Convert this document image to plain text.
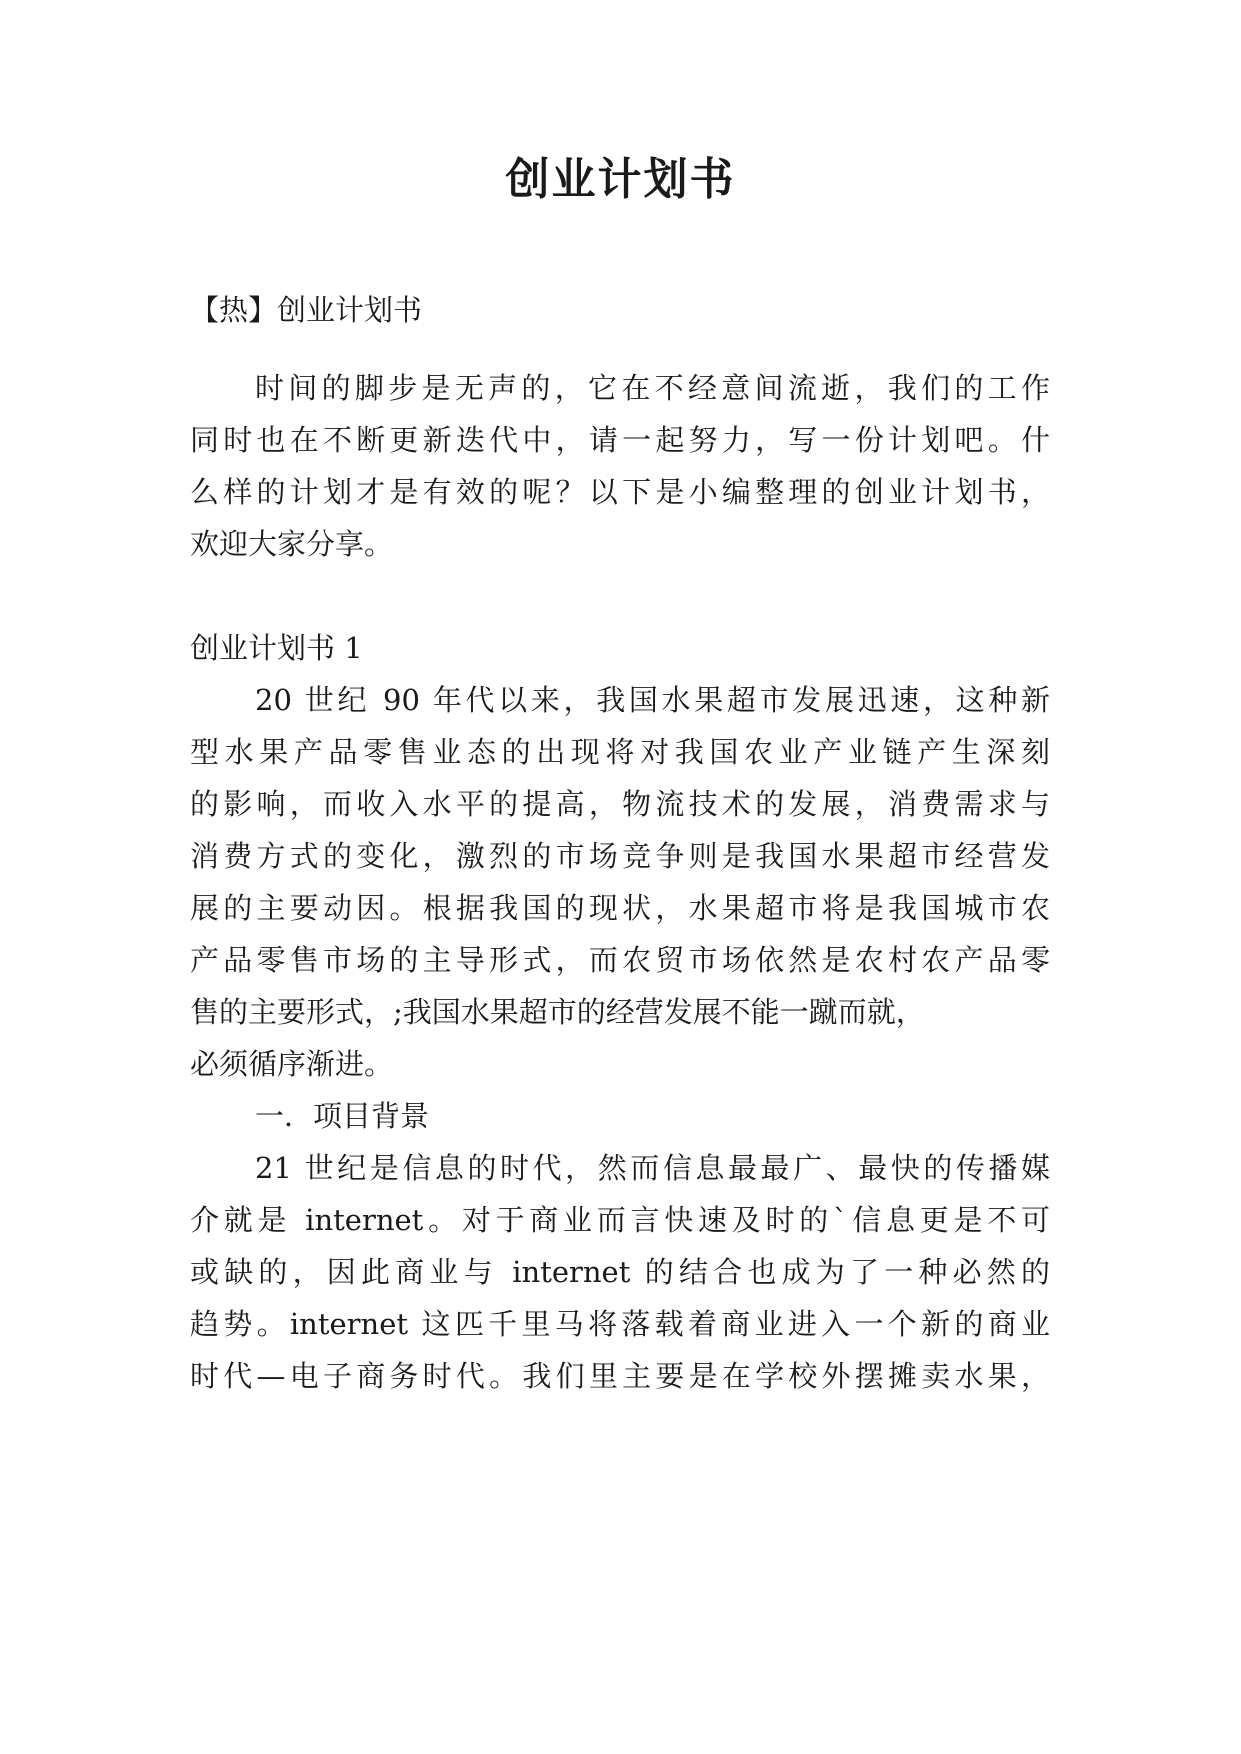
创业计划书

【热】创业计划书

时间的脚步是无声的，它在不经意间流逝，我们的工作

同时也在不断更新迭代中，请一起努力，写一份计划吧。什

么样的计划才是有效的呢？以下是小编整理的创业计划书，

欢迎大家分享。

创业计划书 1

20 世纪 90 年代以来，我国水果超市发展迅速，这种新

型水果产品零售业态的出现将对我国农业产业链产生深刻

的影响，而收入水平的提高，物流技术的发展，消费需求与

消费方式的变化，激烈的市场竞争则是我国水果超市经营发

展的主要动因。根据我国的现状，水果超市将是我国城市农

产品零售市场的主导形式，而农贸市场依然是农村农产品零

售的主要形式，;我国水果超市的经营发展不能一蹴而就，

必须循序渐进。

一．项目背景

21 世纪是信息的时代，然而信息最最广、最快的传播媒

介就是 internet。对于商业而言快速及时的`信息更是不可

或缺的，因此商业与 internet 的结合也成为了一种必然的

趋势。internet 这匹千里马将落载着商业进入一个新的商业

时代—电子商务时代。我们里主要是在学校外摆摊卖水果，
